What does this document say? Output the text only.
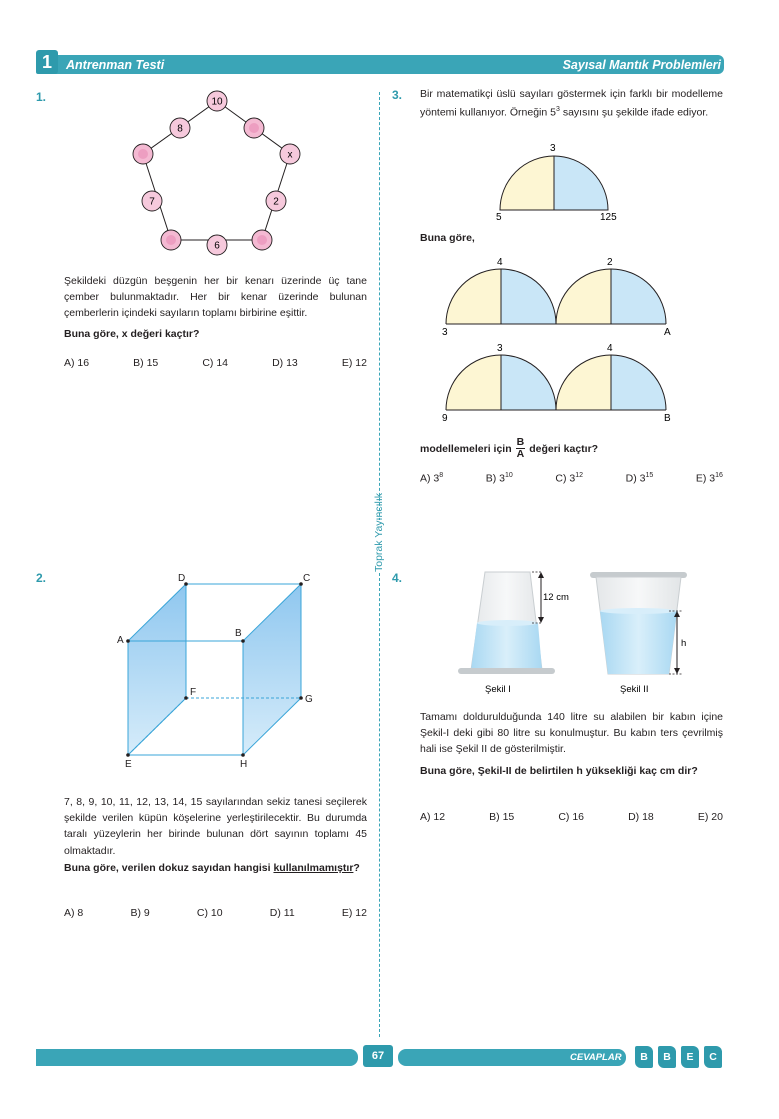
1	Antrenman Testi	Sayısal Mantık Problemleri
Toprak Yayıncılık
1.	10
8
x
7	2
6
Şekildeki düzgün beşgenin her bir kenarı üzerinde üç tane çember bulunmaktadır. Her bir kenar üzerinde bulunan çemberlerin içindeki sayıların toplamı birbirine eşittir.
Buna göre, x değeri kaçtır?
A) 16	B) 15	C) 14	D) 13	E) 12
2.
A
B
C
D
E
F
G
H
7, 8, 9, 10, 11, 12, 13, 14, 15 sayılarından sekiz tanesi seçilerek şekilde verilen küpün köşelerine yerleştirilecektir. Bu durumda taralı yüzeylerin her birinde bulunan dört sayının toplamı 45 olmaktadır.
Buna göre, verilen dokuz sayıdan hangisi kullanılmamıştır?
A) 8	B) 9	C) 10	D) 11	E) 12
3. Bir matematikçi üslü sayıları göstermek için farklı bir modelleme yöntemi kullanıyor. Örneğin $5^3$ sayısını şu şekilde ifade ediyor.
3
5	125
Buna göre,
4	2
3	A
3	4
9	B
modellemeleri için $\frac{B}{A}$ değeri kaçtır?
A) $3^8$	B) $3^{10}$	C) $3^{12}$	D) $3^{15}$	E) $3^{16}$
4.
12 cm
h
Şekil I	Şekil II
Tamamı doldurulduğunda 140 litre su alabilen bir kabın içine Şekil-I deki gibi 80 litre su konulmuştur. Bu kabın ters çevrilmiş hali ise Şekil II de gösterilmiştir.
Buna göre, Şekil-II de belirtilen h yüksekliği kaç cm dir?
A) 12	B) 15	C) 16	D) 18	E) 20
67	CEVAPLAR	B	B	E	C
